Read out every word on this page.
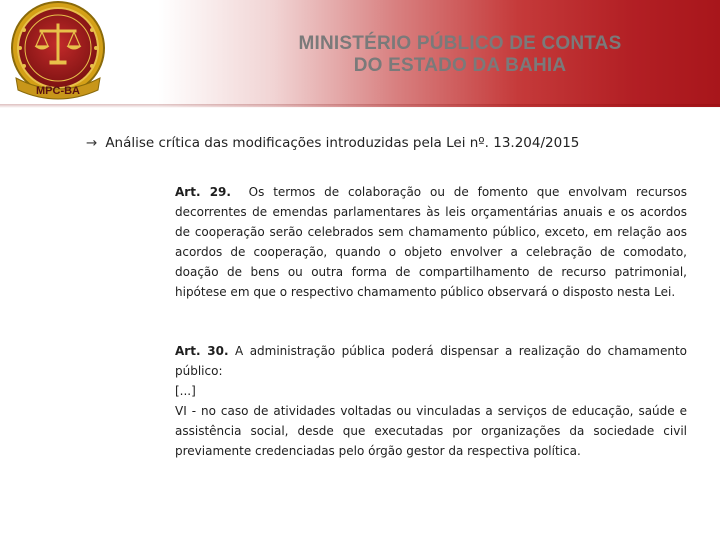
MPC-BA
MINISTÉRIO PÚBLICO DE CONTAS
DO ESTADO DA BAHIA
→ Análise crítica das modificações introduzidas pela Lei nº. 13.204/2015
Art. 29. Os termos de colaboração ou de fomento que envolvam recursos decorrentes de emendas parlamentares às leis orçamentárias anuais e os acordos de cooperação serão celebrados sem chamamento público, exceto, em relação aos acordos de cooperação, quando o objeto envolver a celebração de comodato, doação de bens ou outra forma de compartilhamento de recurso patrimonial, hipótese em que o respectivo chamamento público observará o disposto nesta Lei.
Art. 30. A administração pública poderá dispensar a realização do chamamento público:
[...]
VI - no caso de atividades voltadas ou vinculadas a serviços de educação, saúde e assistência social, desde que executadas por organizações da sociedade civil previamente credenciadas pelo órgão gestor da respectiva política.
